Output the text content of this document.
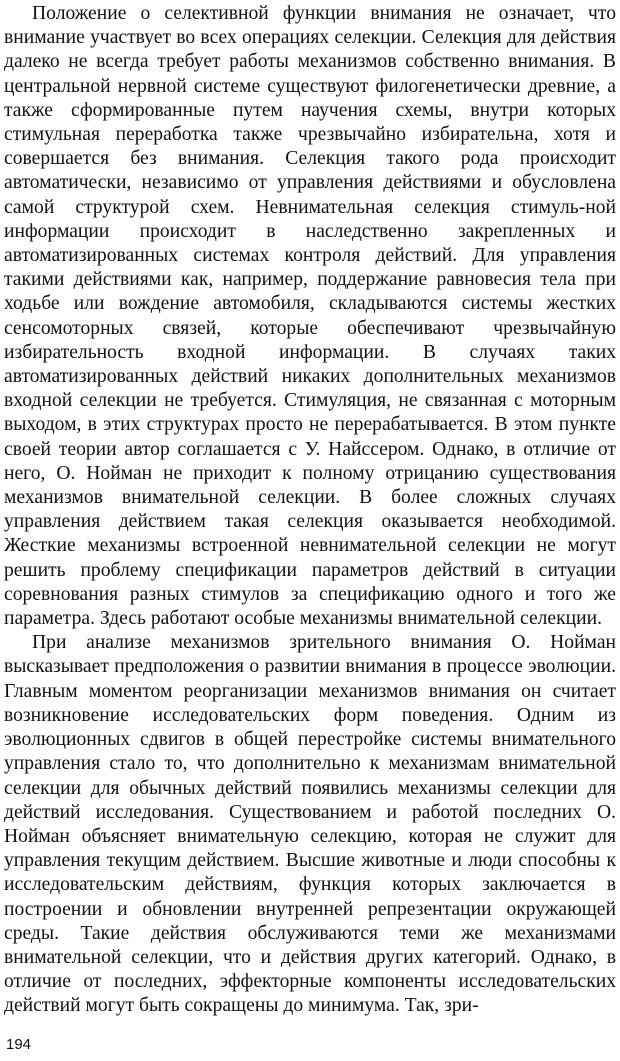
Положение о селективной функции внимания не означает, что внимание участвует во всех операциях селекции. Селекция для действия далеко не всегда требует работы механизмов собственно внимания. В центральной нервной системе существуют филогенетически древние, а также сформированные путем научения схемы, внутри которых стимульная переработка также чрезвычайно избирательна, хотя и совершается без внимания. Селекция такого рода происходит автоматически, независимо от управления действиями и обусловлена самой структурой схем. Невнимательная селекция стимуль-ной информации происходит в наследственно закрепленных и автоматизированных системах контроля действий. Для управления такими действиями как, например, поддержание равновесия тела при ходьбе или вождение автомобиля, складываются системы жестких сенсомоторных связей, которые обеспечивают чрезвычайную избирательность входной информации. В случаях таких автоматизированных действий никаких дополнительных механизмов входной селекции не требуется. Стимуляция, не связанная с моторным выходом, в этих структурах просто не перерабатывается. В этом пункте своей теории автор соглашается с У. Найссером. Однако, в отличие от него, О. Нойман не приходит к полному отрицанию существования механизмов внимательной селекции. В более сложных случаях управления действием такая селекция оказывается необходимой. Жесткие механизмы встроенной невнимательной селекции не могут решить проблему спецификации параметров действий в ситуации соревнования разных стимулов за спецификацию одного и того же параметра. Здесь работают особые механизмы внимательной селекции.

При анализе механизмов зрительного внимания О. Нойман высказывает предположения о развитии внимания в процессе эволюции. Главным моментом реорганизации механизмов внимания он считает возникновение исследовательских форм поведения. Одним из эволюционных сдвигов в общей перестройке системы внимательного управления стало то, что дополнительно к механизмам внимательной селекции для обычных действий появились механизмы селекции для действий исследования. Существованием и работой последних О. Нойман объясняет внимательную селекцию, которая не служит для управления текущим действием. Высшие животные и люди способны к исследовательским действиям, функция которых заключается в построении и обновлении внутренней репрезентации окружающей среды. Такие действия обслуживаются теми же механизмами внимательной селекции, что и действия других категорий. Однако, в отличие от последних, эффекторные компоненты исследовательских действий могут быть сокращены до минимума. Так, зри-

194
